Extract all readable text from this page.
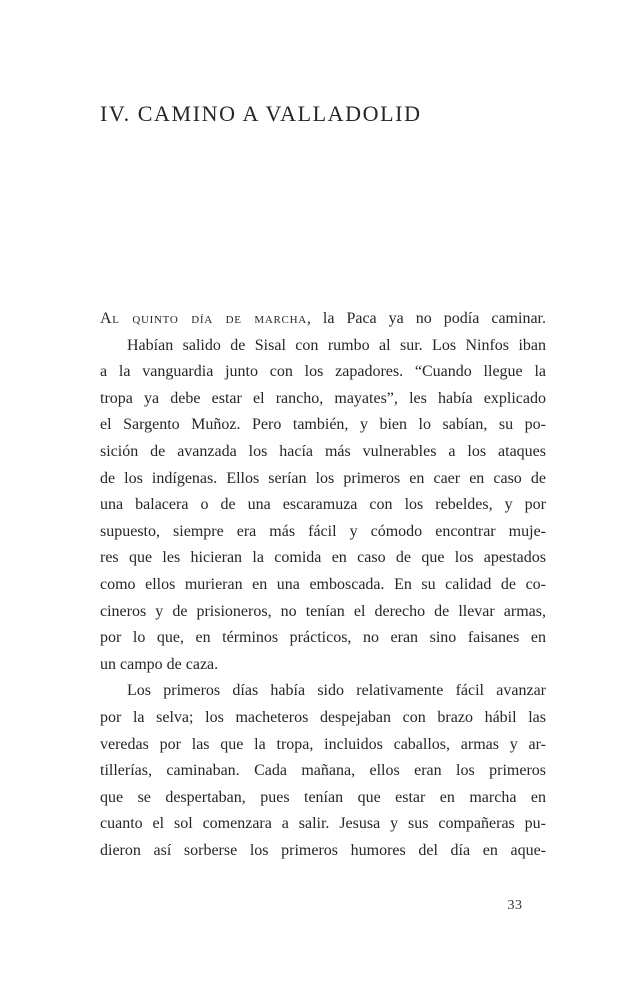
IV. CAMINO A VALLADOLID
Al quinto día de marcha, la Paca ya no podía caminar.
Habían salido de Sisal con rumbo al sur. Los Ninfos iban
a la vanguardia junto con los zapadores. “Cuando llegue la
tropa ya debe estar el rancho, mayates”, les había explicado
el Sargento Muñoz. Pero también, y bien lo sabían, su po-
sición de avanzada los hacía más vulnerables a los ataques
de los indígenas. Ellos serían los primeros en caer en caso de
una balacera o de una escaramuza con los rebeldes, y por
supuesto, siempre era más fácil y cómodo encontrar muje-
res que les hicieran la comida en caso de que los apestados
como ellos murieran en una emboscada. En su calidad de co-
cineros y de prisioneros, no tenían el derecho de llevar armas,
por lo que, en términos prácticos, no eran sino faisanes en
un campo de caza.
Los primeros días había sido relativamente fácil avanzar
por la selva; los macheteros despejaban con brazo hábil las
veredas por las que la tropa, incluidos caballos, armas y ar-
tillerías, caminaban. Cada mañana, ellos eran los primeros
que se despertaban, pues tenían que estar en marcha en
cuanto el sol comenzara a salir. Jesusa y sus compañeras pu-
dieron así sorberse los primeros humores del día en aque-
33
